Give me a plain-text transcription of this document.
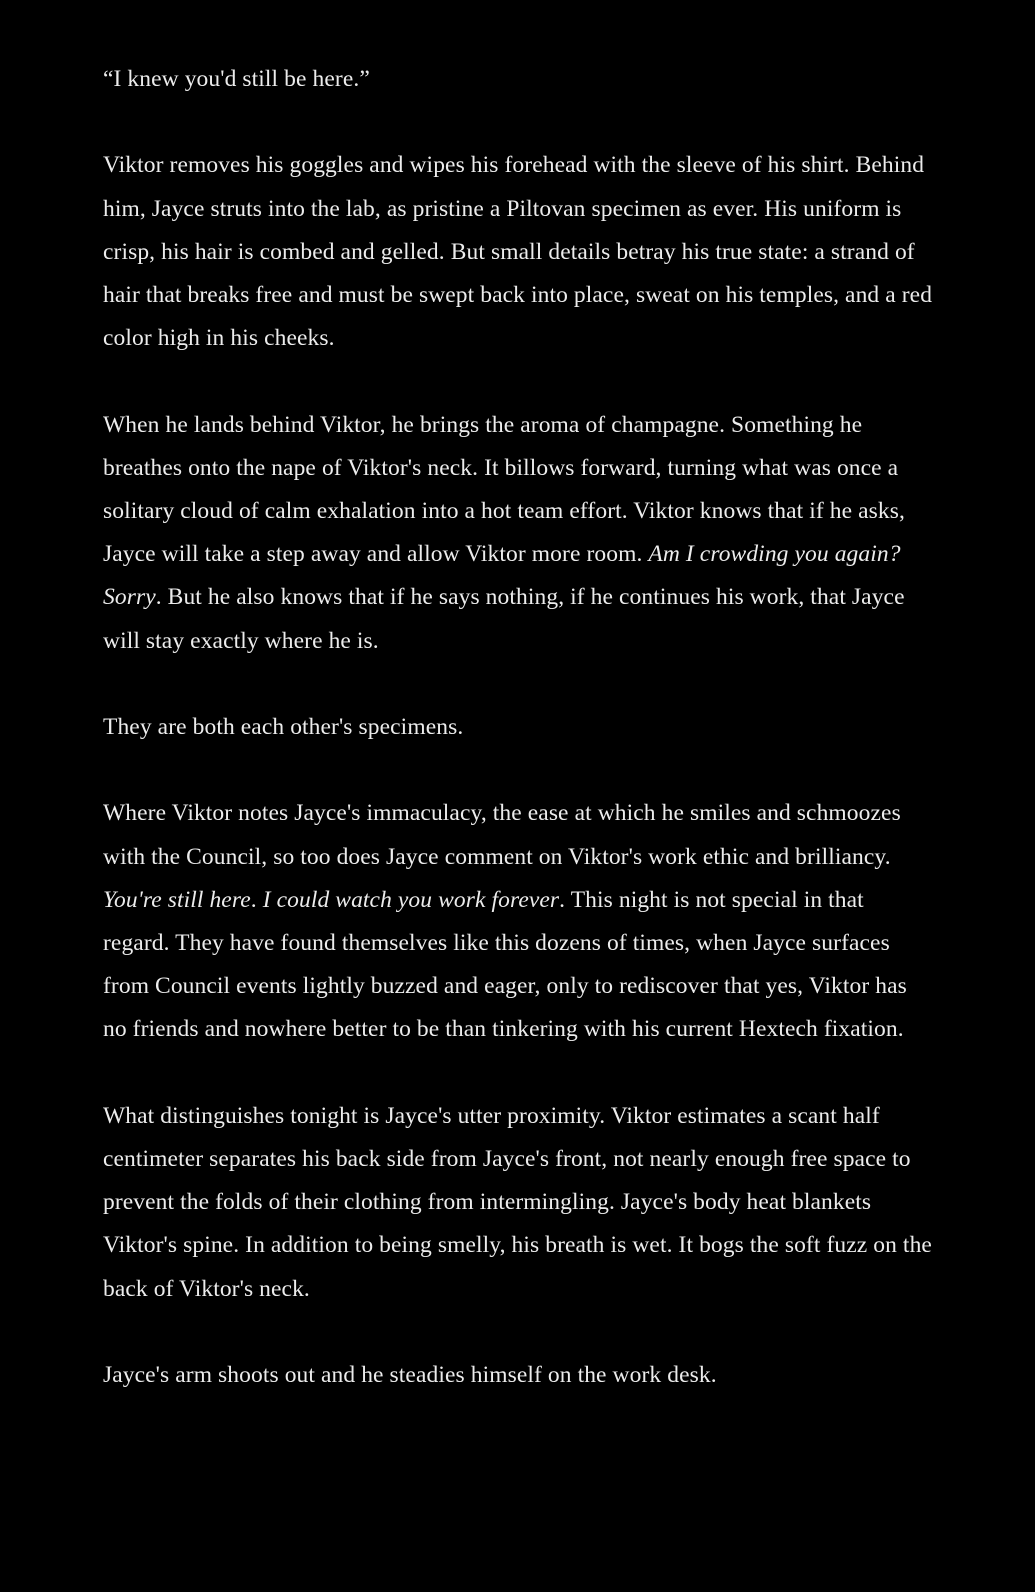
“I knew you'd still be here.”

Viktor removes his goggles and wipes his forehead with the sleeve of his shirt. Behind him, Jayce struts into the lab, as pristine a Piltovan specimen as ever. His uniform is crisp, his hair is combed and gelled. But small details betray his true state: a strand of hair that breaks free and must be swept back into place, sweat on his temples, and a red color high in his cheeks.

When he lands behind Viktor, he brings the aroma of champagne. Something he breathes onto the nape of Viktor's neck. It billows forward, turning what was once a solitary cloud of calm exhalation into a hot team effort. Viktor knows that if he asks, Jayce will take a step away and allow Viktor more room. Am I crowding you again? Sorry. But he also knows that if he says nothing, if he continues his work, that Jayce will stay exactly where he is.

They are both each other's specimens.

Where Viktor notes Jayce's immaculacy, the ease at which he smiles and schmoozes with the Council, so too does Jayce comment on Viktor's work ethic and brilliancy. You're still here. I could watch you work forever. This night is not special in that regard. They have found themselves like this dozens of times, when Jayce surfaces from Council events lightly buzzed and eager, only to rediscover that yes, Viktor has no friends and nowhere better to be than tinkering with his current Hextech fixation.

What distinguishes tonight is Jayce's utter proximity. Viktor estimates a scant half centimeter separates his back side from Jayce's front, not nearly enough free space to prevent the folds of their clothing from intermingling. Jayce's body heat blankets Viktor's spine. In addition to being smelly, his breath is wet. It bogs the soft fuzz on the back of Viktor's neck.

Jayce's arm shoots out and he steadies himself on the work desk.
